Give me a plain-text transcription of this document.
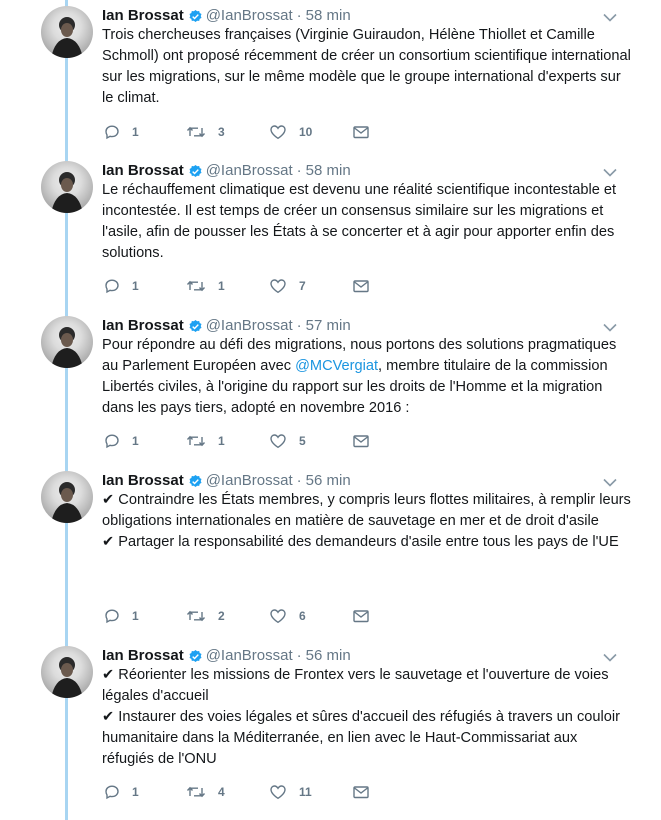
Ian Brossat @IanBrossat · 58 min

Trois chercheuses françaises (Virginie Guiraudon, Hélène Thiollet et Camille Schmoll) ont proposé récemment de créer un consortium scientifique international sur les migrations, sur le même modèle que le groupe international d'experts sur le climat.

1	3	10
Ian Brossat @IanBrossat · 58 min

Le réchauffement climatique est devenu une réalité scientifique incontestable et incontestée. Il est temps de créer un consensus similaire sur les migrations et l'asile, afin de pousser les États à se concerter et à agir pour apporter enfin des solutions.

1	1	7
Ian Brossat @IanBrossat · 57 min

Pour répondre au défi des migrations, nous portons des solutions pragmatiques au Parlement Européen avec @MCVergiat, membre titulaire de la commission Libertés civiles, à l'origine du rapport sur les droits de l'Homme et la migration dans les pays tiers, adopté en novembre 2016 :

1	1	5
Ian Brossat @IanBrossat · 56 min

✔ Contraindre les États membres, y compris leurs flottes militaires, à remplir leurs obligations internationales en matière de sauvetage en mer et de droit d'asile

✔ Partager la responsabilité des demandeurs d'asile entre tous les pays de l'UE

1	2	6
Ian Brossat @IanBrossat · 56 min

✔ Réorienter les missions de Frontex vers le sauvetage et l'ouverture de voies légales d'accueil

✔ Instaurer des voies légales et sûres d'accueil des réfugiés à travers un couloir humanitaire dans la Méditerranée, en lien avec le Haut-Commissariat aux réfugiés de l'ONU

1	4	11
